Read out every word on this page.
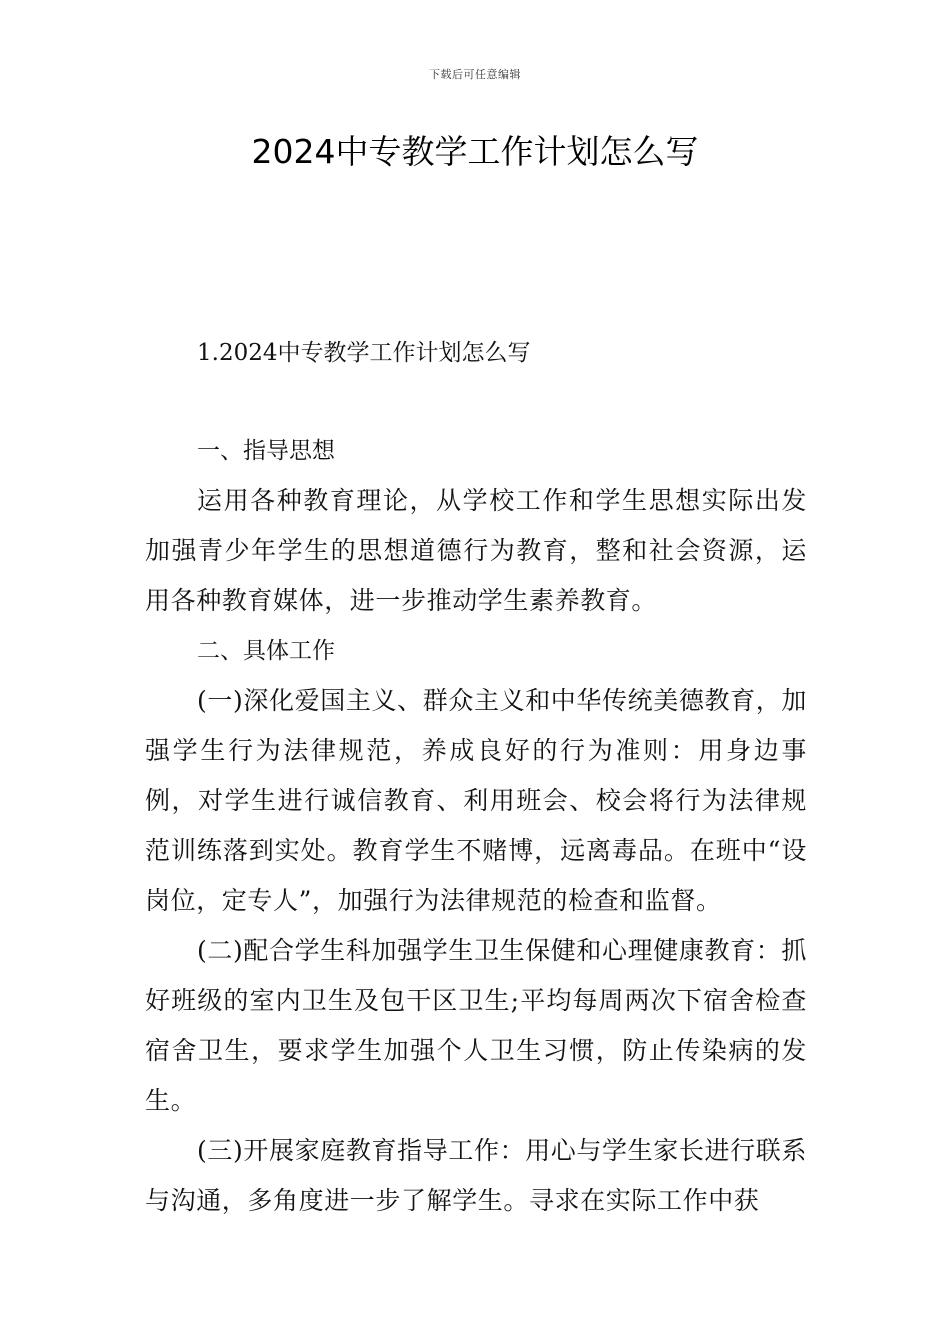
下载后可任意编辑
2024中专教学工作计划怎么写
1.2024中专教学工作计划怎么写

一、指导思想

运用各种教育理论，从学校工作和学生思想实际出发加强青少年学生的思想道德行为教育，整和社会资源，运用各种教育媒体，进一步推动学生素养教育。

二、具体工作

(一)深化爱国主义、群众主义和中华传统美德教育，加强学生行为法律规范，养成良好的行为准则：用身边事例，对学生进行诚信教育、利用班会、校会将行为法律规范训练落到实处。教育学生不赌博，远离毒品。在班中“设岗位，定专人”，加强行为法律规范的检查和监督。

(二)配合学生科加强学生卫生保健和心理健康教育：抓好班级的室内卫生及包干区卫生;平均每周两次下宿舍检查宿舍卫生，要求学生加强个人卫生习惯，防止传染病的发生。

(三)开展家庭教育指导工作：用心与学生家长进行联系与沟通，多角度进一步了解学生。寻求在实际工作中获
